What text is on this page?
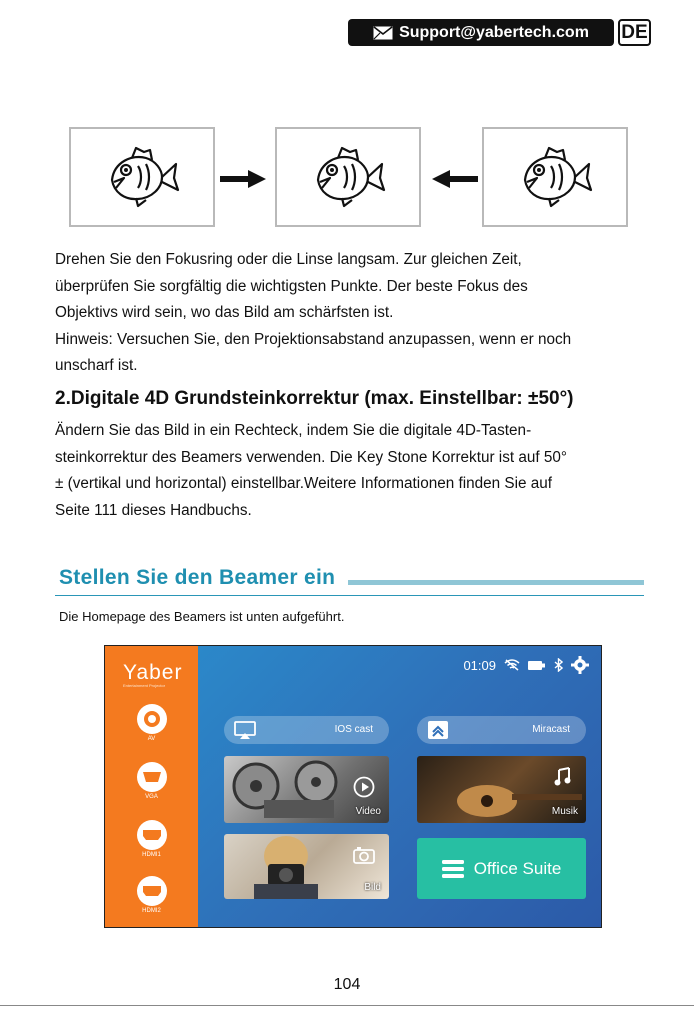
Support@yabertech.com DE
Drehen Sie den Fokusring oder die Linse langsam. Zur gleichen Zeit,
überprüfen Sie sorgfältig die wichtigsten Punkte. Der beste Fokus des
Objektivs wird sein, wo das Bild am schärfsten ist.
Hinweis: Versuchen Sie, den Projektionsabstand anzupassen, wenn er noch
unscharf ist.
2.Digitale 4D Grundsteinkorrektur (max. Einstellbar: ±50°)
Ändern Sie das Bild in ein Rechteck, indem Sie die digitale 4D-Tasten-
steinkorrektur des Beamers verwenden. Die Key Stone Korrektur ist auf 50°
± (vertikal und horizontal) einstellbar.Weitere Informationen finden Sie auf
Seite 111 dieses Handbuchs.
Stellen Sie den Beamer ein
Die Homepage des Beamers ist unten aufgeführt.
Yaber
Entertainment Projector
AV
VGA
HDMI1
HDMI2
01:09
IOS cast	Miracast
Video	Musik
Bild
Office Suite
104
